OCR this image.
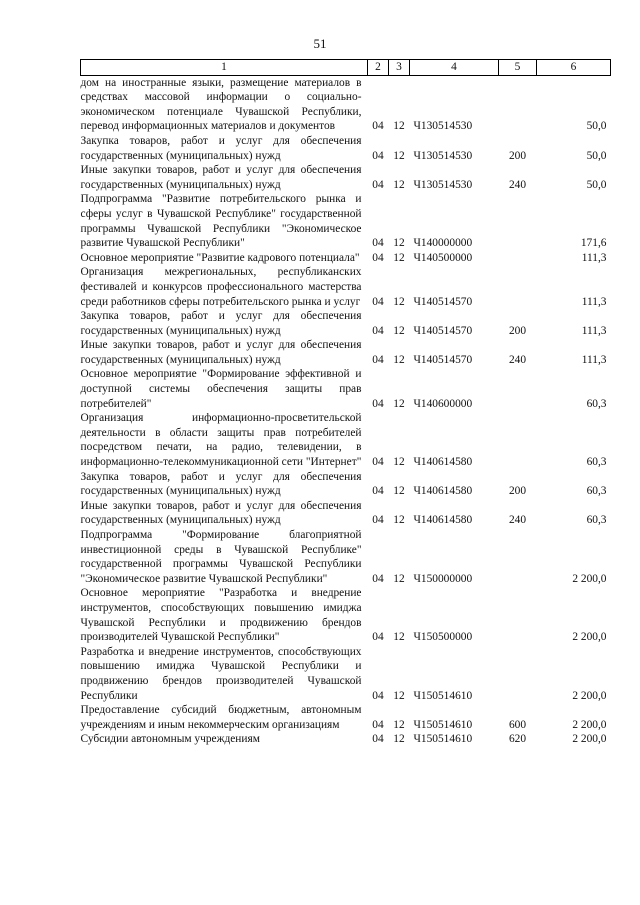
51
1	2	3	4	5	6
дом на иностранные языки, размещение материалов в средствах массовой информации о социально-экономическом потенциале Чувашской Республики, перевод информационных материалов и документов	04	12	Ч130514530		50,0
Закупка товаров, работ и услуг для обеспечения государственных (муниципальных) нужд	04	12	Ч130514530	200	50,0
Иные закупки товаров, работ и услуг для обеспечения государственных (муниципальных) нужд	04	12	Ч130514530	240	50,0
Подпрограмма "Развитие потребительского рынка и сферы услуг в Чувашской Республике" государственной программы Чувашской Республики "Экономическое развитие Чувашской Республики"	04	12	Ч140000000		171,6
Основное мероприятие "Развитие кадрового потенциала"	04	12	Ч140500000		111,3
Организация межрегиональных, республиканских фестивалей и конкурсов профессионального мастерства среди работников сферы потребительского рынка и услуг	04	12	Ч140514570		111,3
Закупка товаров, работ и услуг для обеспечения государственных (муниципальных) нужд	04	12	Ч140514570	200	111,3
Иные закупки товаров, работ и услуг для обеспечения государственных (муниципальных) нужд	04	12	Ч140514570	240	111,3
Основное мероприятие "Формирование эффективной и доступной системы обеспечения защиты прав потребителей"	04	12	Ч140600000		60,3
Организация информационно-просветительской деятельности в области защиты прав потребителей посредством печати, на радио, телевидении, в информационно-телекоммуникационной сети "Интернет"	04	12	Ч140614580		60,3
Закупка товаров, работ и услуг для обеспечения государственных (муниципальных) нужд	04	12	Ч140614580	200	60,3
Иные закупки товаров, работ и услуг для обеспечения государственных (муниципальных) нужд	04	12	Ч140614580	240	60,3
Подпрограмма "Формирование благоприятной инвестиционной среды в Чувашской Республике" государственной программы Чувашской Республики "Экономическое развитие Чувашской Республики"	04	12	Ч150000000		2 200,0
Основное мероприятие "Разработка и внедрение инструментов, способствующих повышению имиджа Чувашской Республики и продвижению брендов производителей Чувашской Республики"	04	12	Ч150500000		2 200,0
Разработка и внедрение инструментов, способствующих повышению имиджа Чувашской Республики и продвижению брендов производителей Чувашской Республики	04	12	Ч150514610		2 200,0
Предоставление субсидий бюджетным, автономным учреждениям и иным некоммерческим организациям	04	12	Ч150514610	600	2 200,0
Субсидии автономным учреждениям	04	12	Ч150514610	620	2 200,0
